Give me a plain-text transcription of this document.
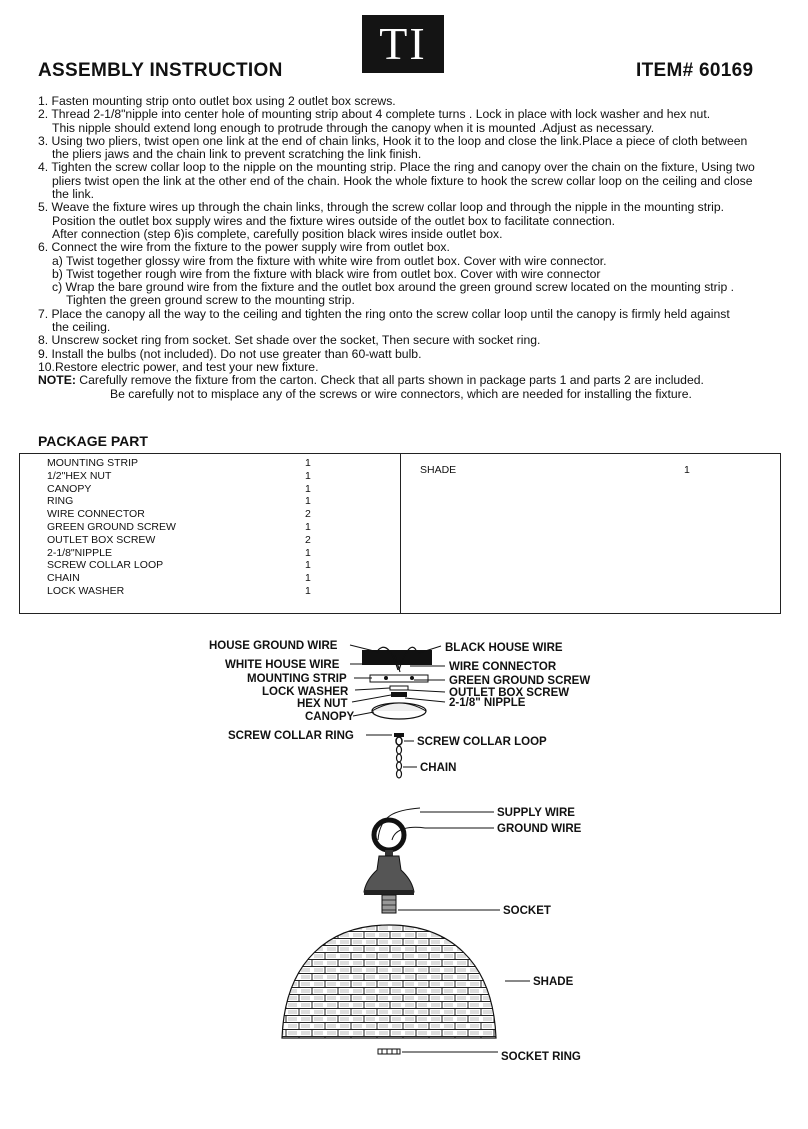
TI
ASSEMBLY INSTRUCTION	ITEM# 60169
1. Fasten mounting strip onto outlet box using 2 outlet box screws.
2. Thread 2-1/8"nipple into center hole of mounting strip about 4 complete turns . Lock in place with lock washer and hex nut.
This nipple should extend long enough to protrude through the canopy when it is mounted .Adjust as necessary.
3. Using two pliers, twist open one link at the end of chain links, Hook it to the loop and close the link.Place a piece of cloth between
the pliers jaws and the chain link to prevent scratching the link finish.
4. Tighten the screw collar loop to the nipple on the mounting strip. Place the ring and canopy over the chain on the fixture, Using two
pliers twist open the link at the other end of the chain. Hook the whole fixture to hook the screw collar loop on the ceiling and close
the link.
5. Weave the fixture wires up through the chain links, through the screw collar loop and through the nipple in the mounting strip.
Position the outlet box supply wires and the fixture wires outside of the outlet box to facilitate connection.
After connection (step 6)is complete, carefully position black wires inside outlet box.
6. Connect the wire from the fixture to the power supply wire from outlet box.
a) Twist together glossy wire from the fixture with white wire from outlet box. Cover with wire connector.
b) Twist together rough wire from the fixture with black wire from outlet box. Cover with wire connector
c) Wrap the bare ground wire from the fixture and the outlet box around the green ground screw located on the mounting strip .
Tighten the green ground screw to the mounting strip.
7. Place the canopy all the way to the ceiling and tighten the ring onto the screw collar loop until the canopy is firmly held against
the ceiling.
8. Unscrew socket ring from socket. Set shade over the socket, Then secure with socket ring.
9. Install the bulbs (not included). Do not use greater than 60-watt bulb.
10.Restore electric power, and test your new fixture.
NOTE: Carefully remove the fixture from the carton. Check that all parts shown in package parts 1 and parts 2 are included.
Be carefully not to misplace any of the screws or wire connectors, which are needed for installing the fixture.
PACKAGE PART
MOUNTING STRIP	1
1/2"HEX NUT	1
CANOPY	1
RING	1
WIRE CONNECTOR	2
GREEN GROUND SCREW	1
OUTLET BOX SCREW	2
2-1/8"NIPPLE	1
SCREW COLLAR LOOP	1
CHAIN	1
LOCK WASHER	1
SHADE	1
HOUSE GROUND WIRE
WHITE HOUSE WIRE
MOUNTING STRIP
LOCK WASHER
HEX NUT
CANOPY
SCREW COLLAR RING
BLACK HOUSE WIRE
WIRE CONNECTOR
GREEN GROUND SCREW
OUTLET BOX SCREW
2-1/8" NIPPLE
SCREW COLLAR LOOP
CHAIN
SUPPLY WIRE
GROUND WIRE
SOCKET
SHADE
SOCKET RING
